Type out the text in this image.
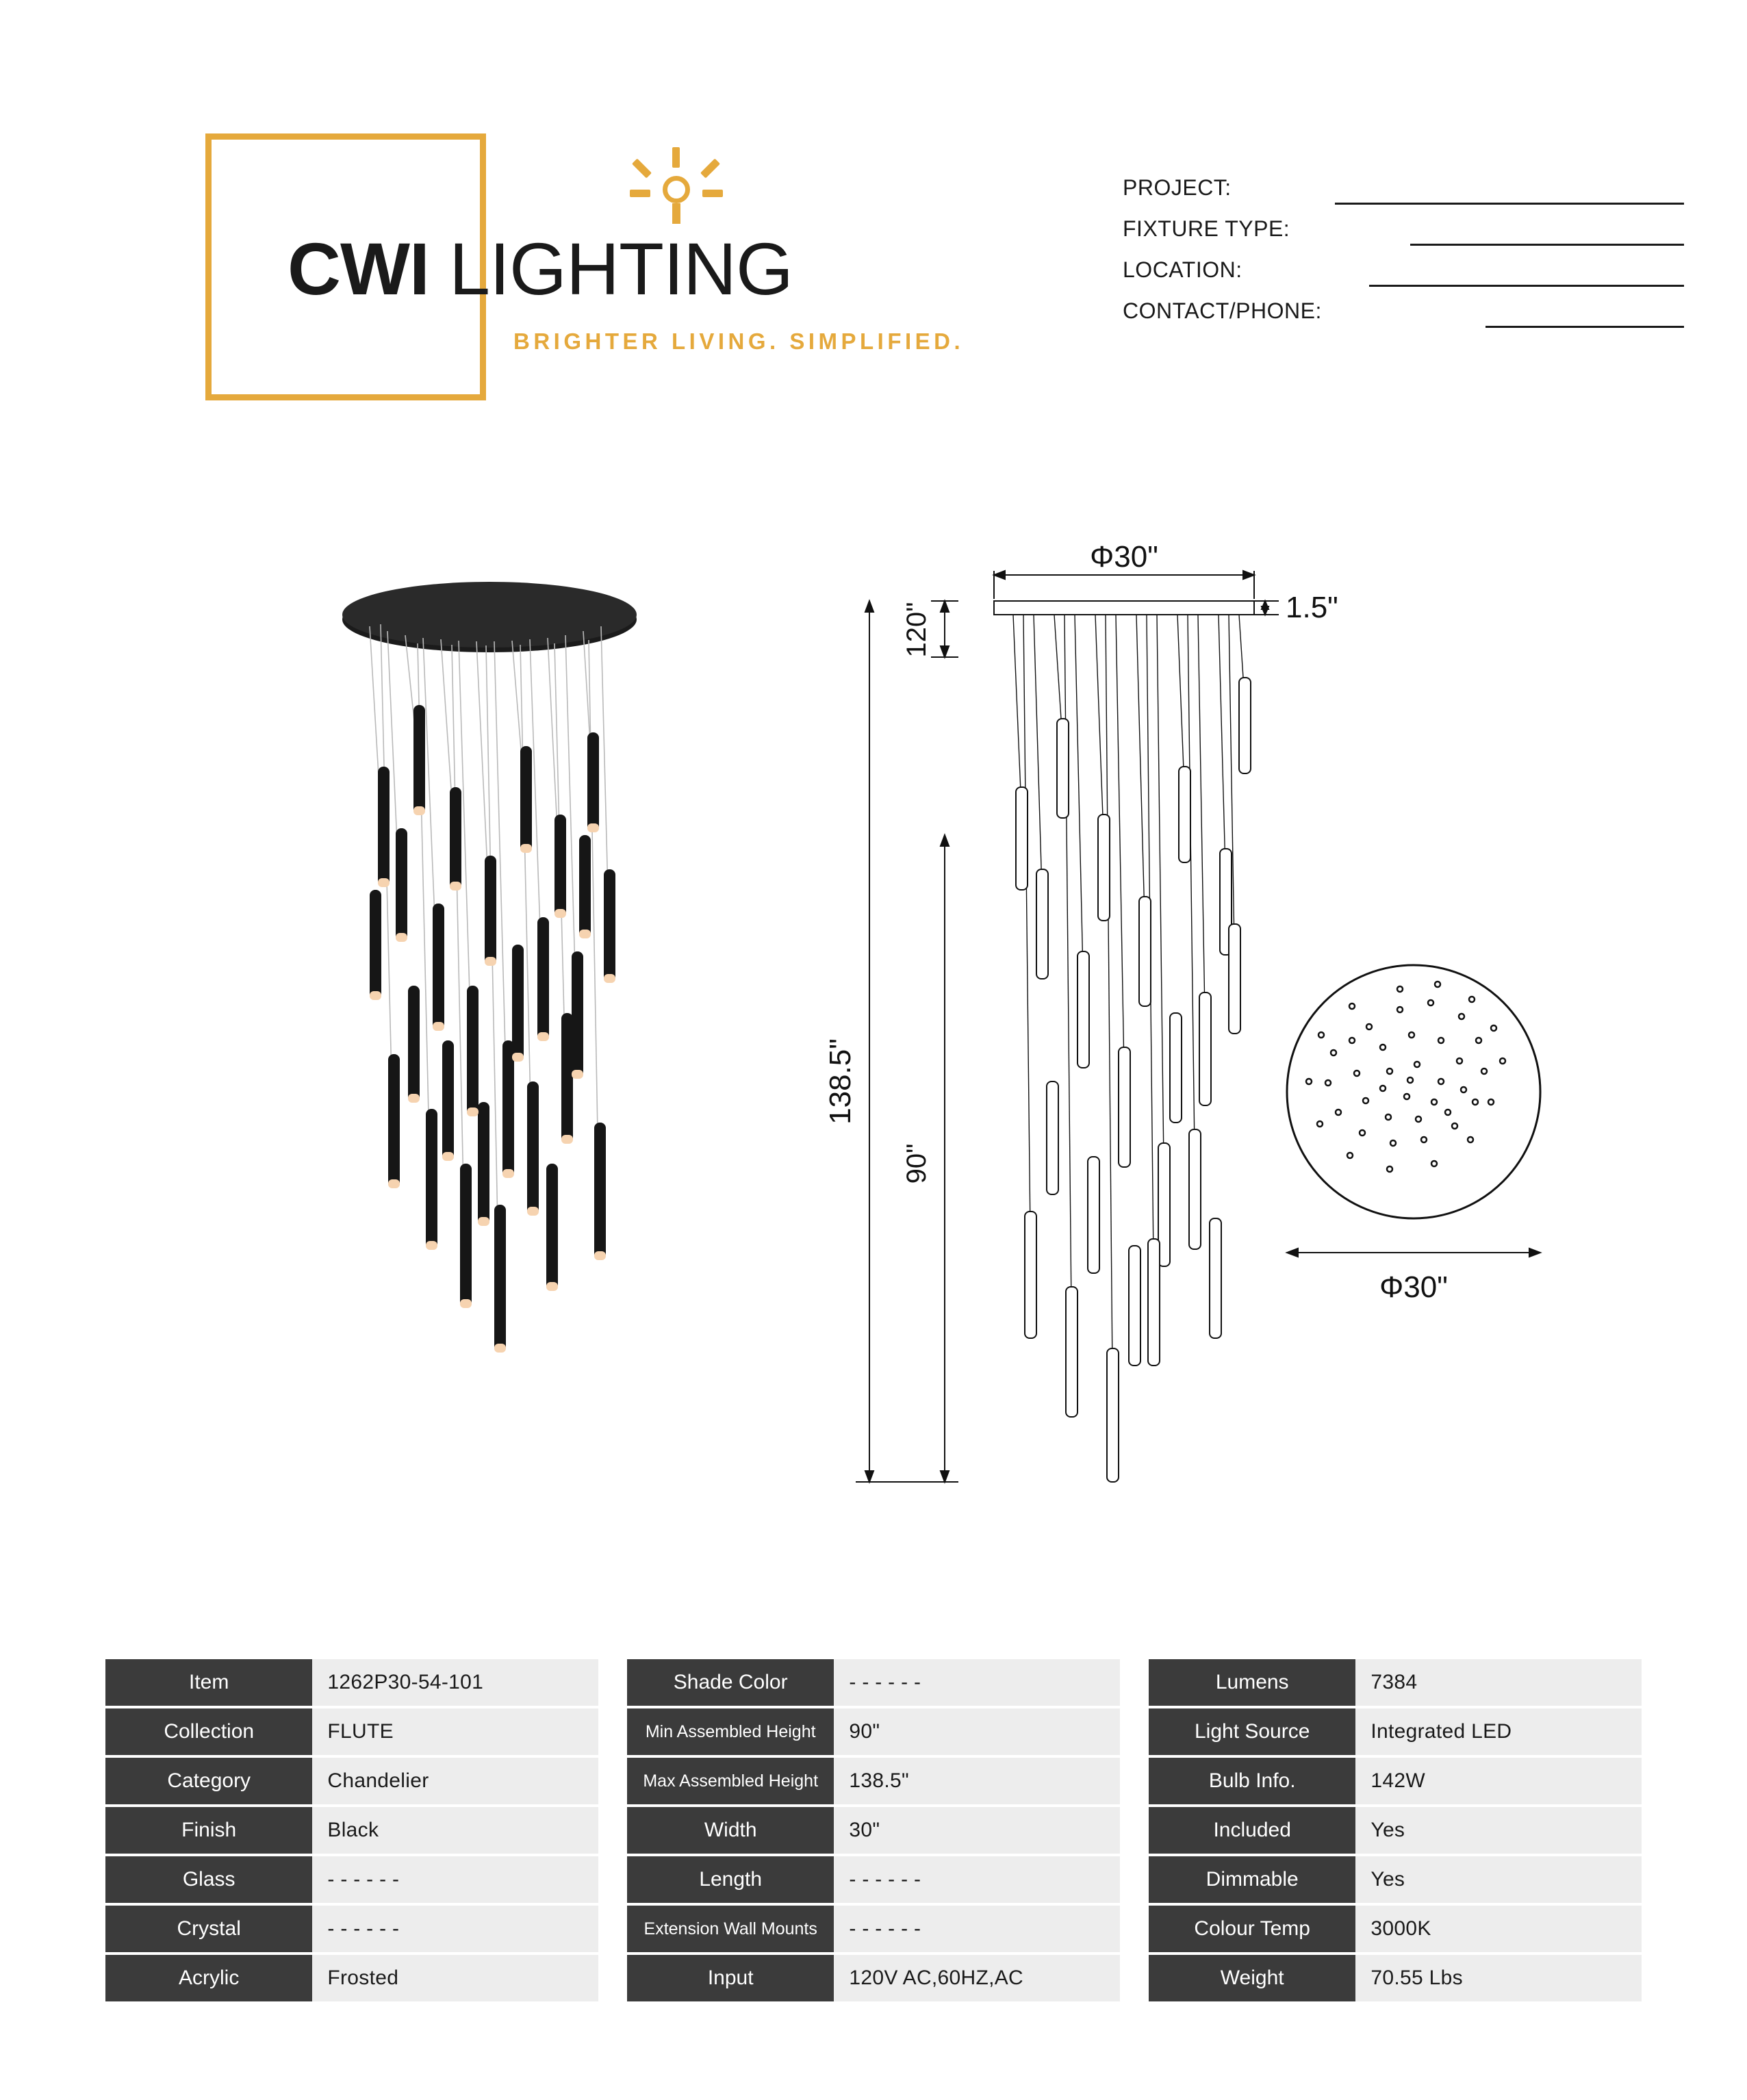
CWI LIGHTING
BRIGHTER LIVING. SIMPLIFIED.
PROJECT:
FIXTURE TYPE:
LOCATION:
CONTACT/PHONE:
Φ30"
1.5"
120"
90"
138.5"
Φ30"
Item	1262P30-54-101
Collection	FLUTE
Category	Chandelier
Finish	Black
Glass	- - - - - -
Crystal	- - - - - -
Acrylic	Frosted
Shade Color	- - - - - -
Min Assembled Height	90"
Max Assembled Height	138.5"
Width	30"
Length	- - - - - -
Extension Wall Mounts	- - - - - -
Input	120V AC,60HZ,AC
Lumens	7384
Light Source	Integrated LED
Bulb Info.	142W
Included	Yes
Dimmable	Yes
Colour Temp	3000K
Weight	70.55 Lbs
